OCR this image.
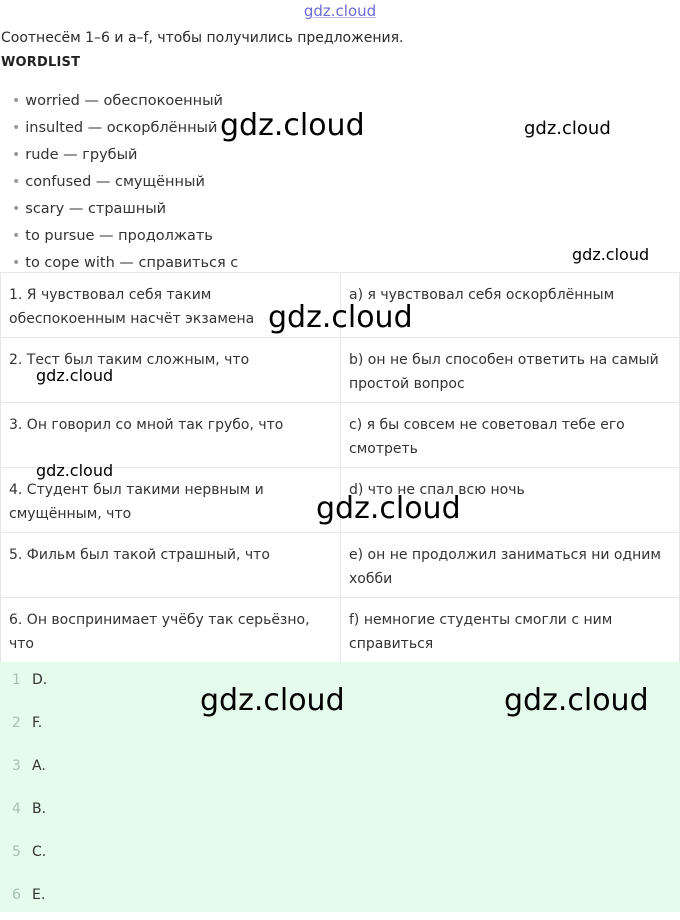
gdz.cloud
Соотнесём 1–6 и a–f, чтобы получились предложения.
WORDLIST
• worried — обеспокоенный
• insulted — оскорблённый
• rude — грубый
• confused — смущённый
• scary — страшный
• to pursue — продолжать
• to cope with — справиться с
1. Я чувствовал себя таким обеспокоенным насчёт экзамена	a) я чувствовал себя оскорблённым
2. Тест был таким сложным, что	b) он не был способен ответить на самый простой вопрос
3. Он говорил со мной так грубо, что	c) я бы совсем не советовал тебе его смотреть
4. Студент был такими нервным и смущённым, что	d) что не спал всю ночь
5. Фильм был такой страшный, что	e) он не продолжил заниматься ни одним хобби
6. Он воспринимает учёбу так серьёзно, что	f) немногие студенты смогли с ним справиться
1 D.
2 F.
3 A.
4 B.
5 C.
6 E.
gdz.cloud	gdz.cloud
gdz.cloud
gdz.cloud
gdz.cloud
gdz.cloud
gdz.cloud
gdz.cloud	gdz.cloud
